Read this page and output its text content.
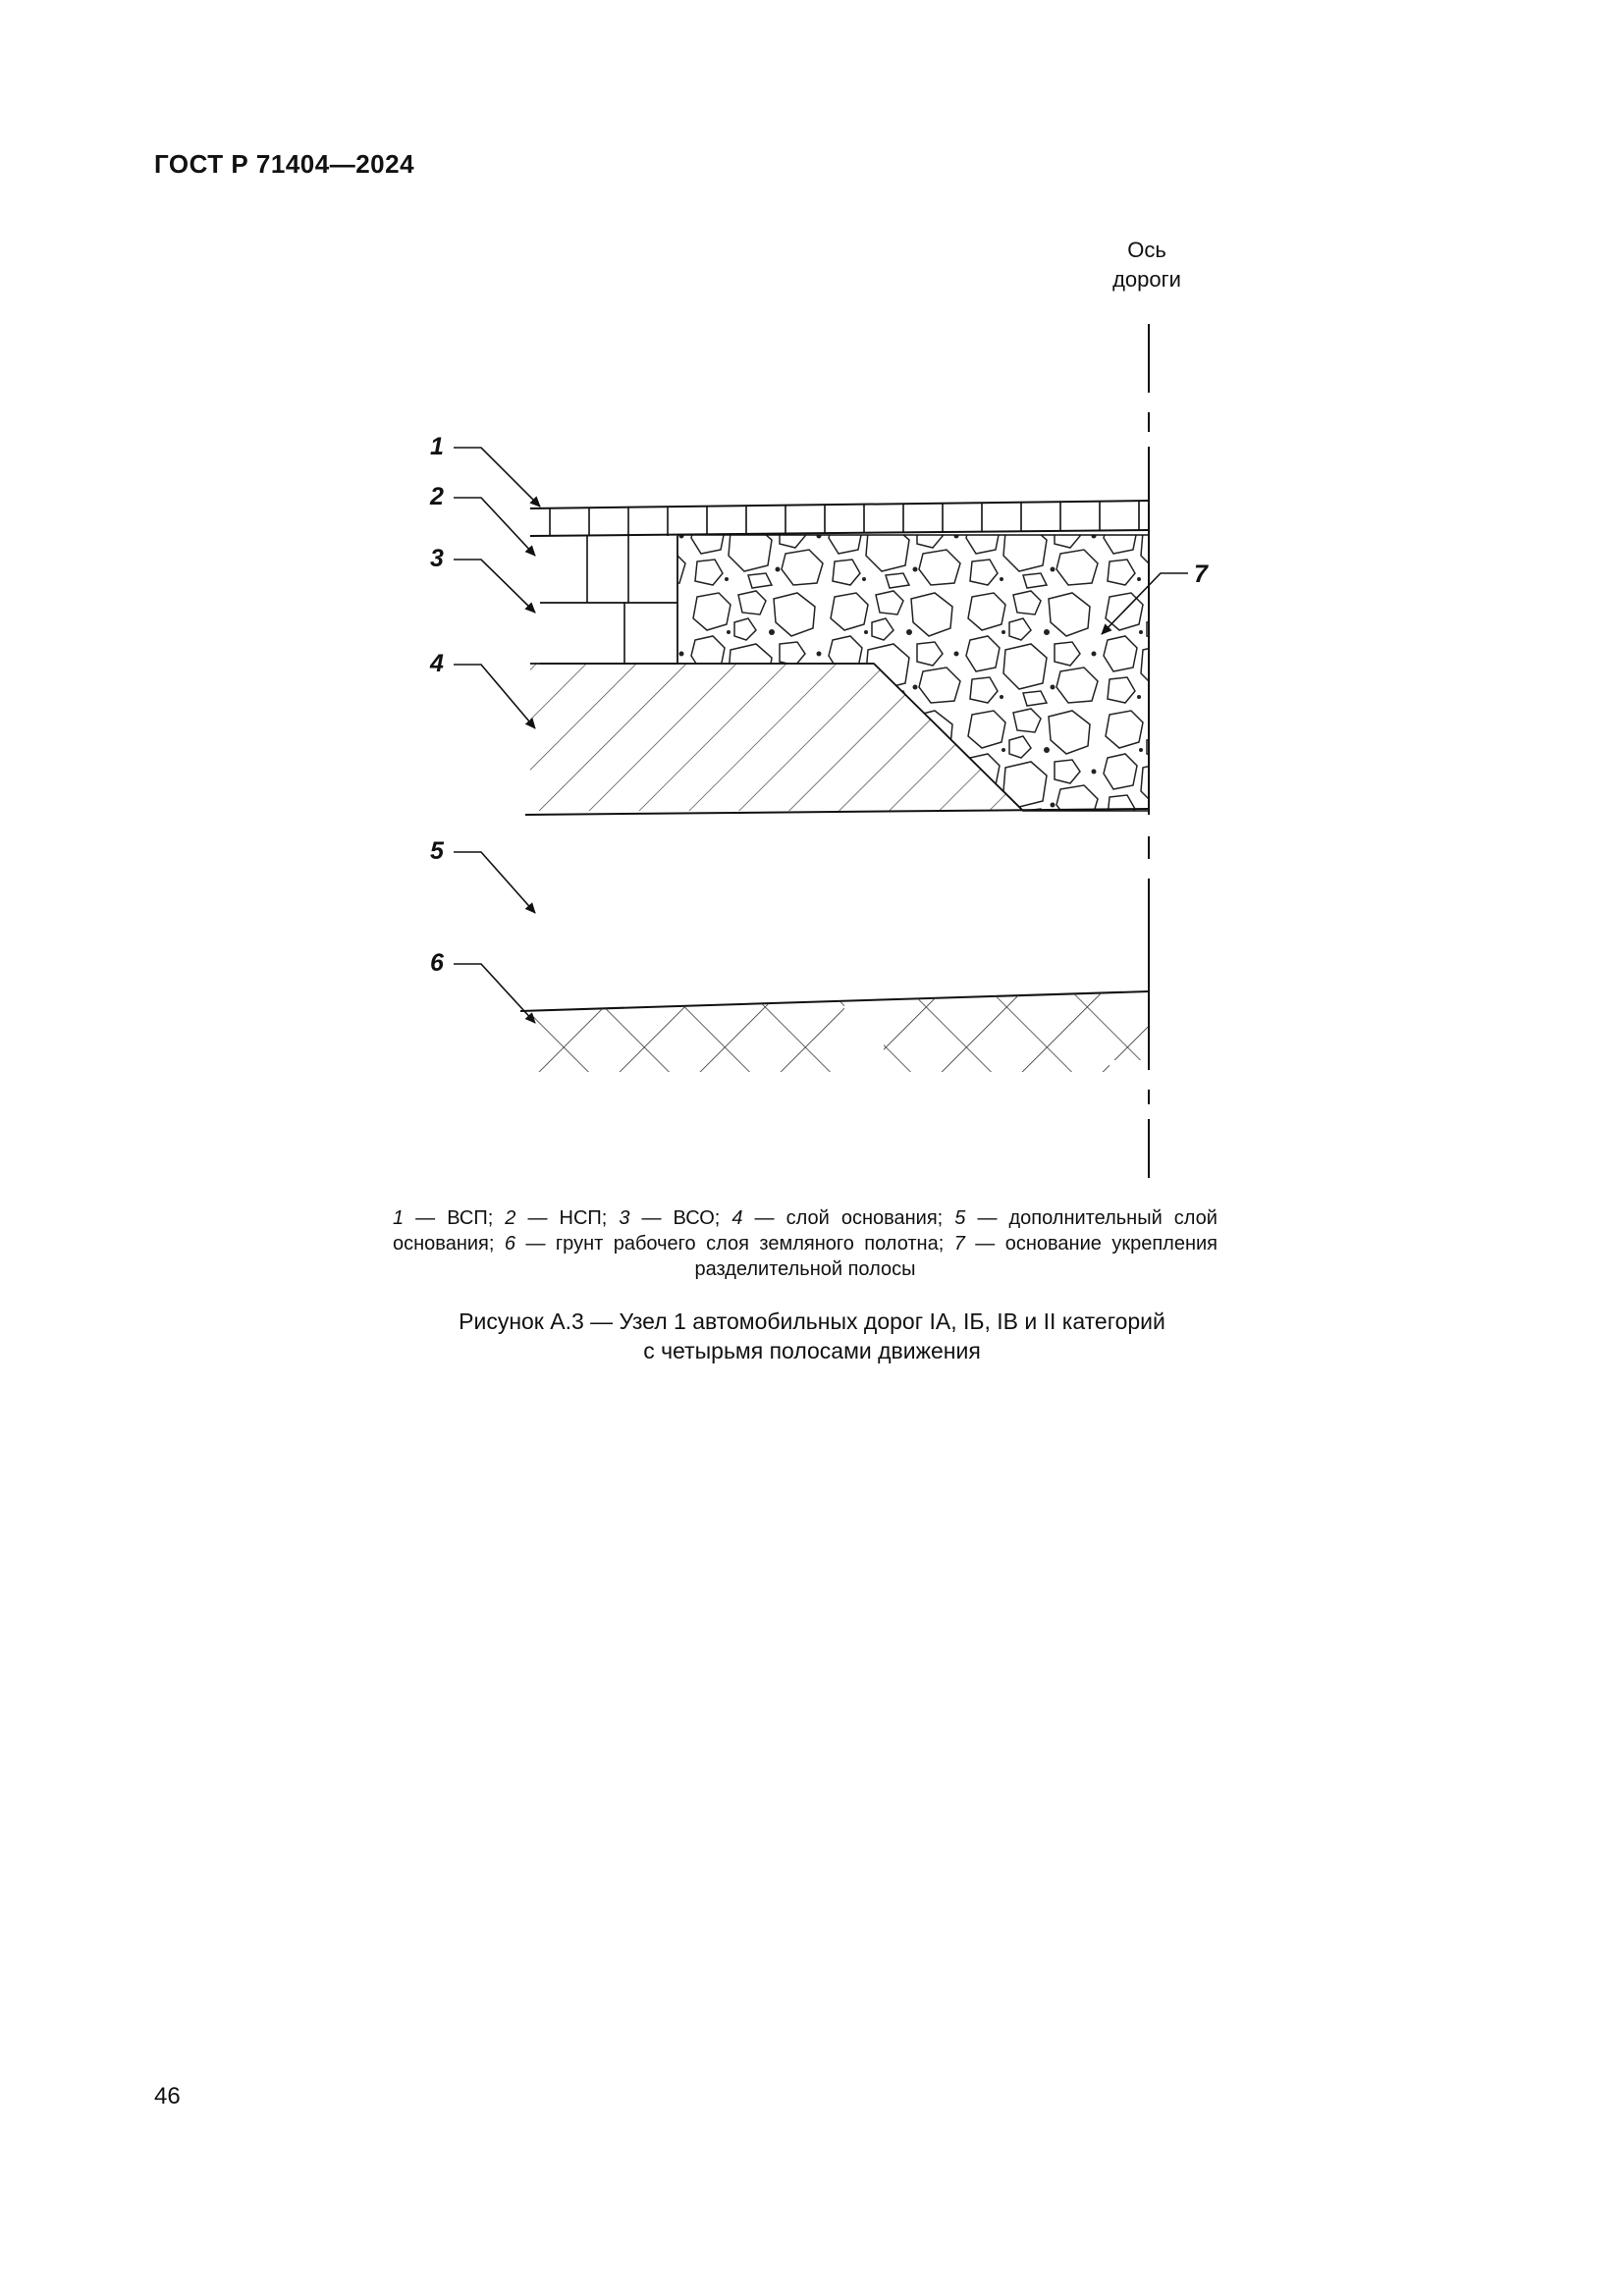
ГОСТ Р 71404—2024
Ось
дороги
1
2
3
4
5
6
7
1 — ВСП; 2 — НСП; 3 — ВСО; 4 — слой основания; 5 — дополнительный слой основания; 6 — грунт рабочего слоя земляного полотна; 7 — основание укрепления разделительной полосы
Рисунок А.3 — Узел 1 автомобильных дорог IА, IБ, IВ и II категорий
с четырьмя полосами движения
46
